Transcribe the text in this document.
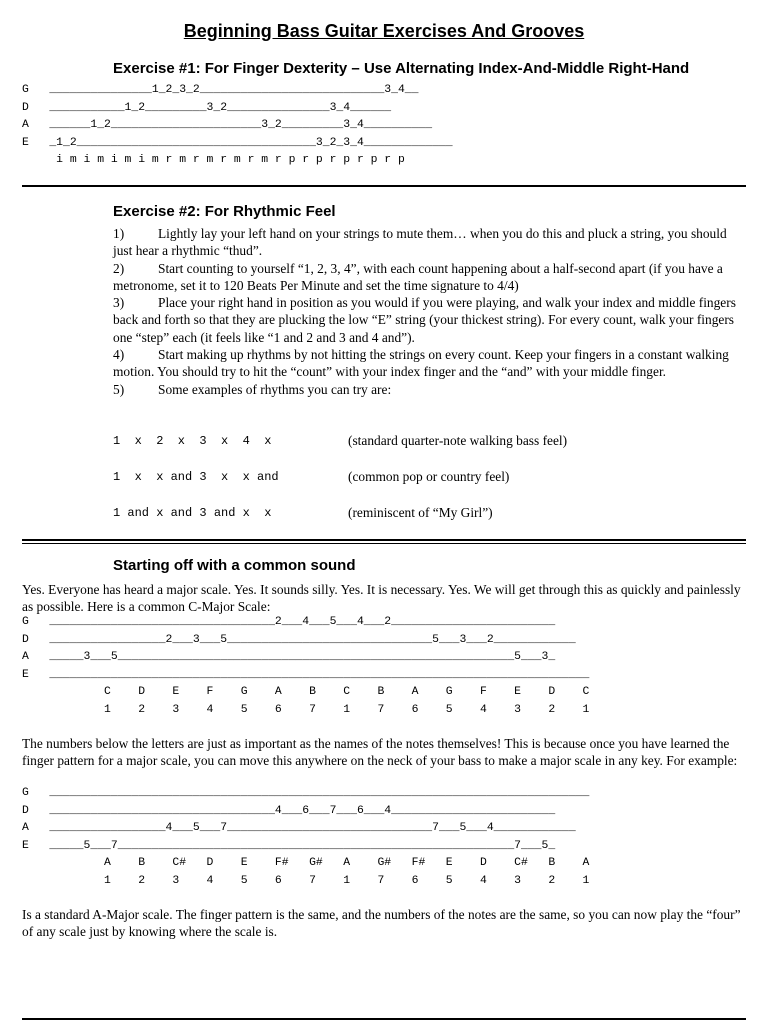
Beginning Bass Guitar Exercises And Grooves
Exercise #1: For Finger Dexterity – Use Alternating Index-And-Middle Right-Hand
G   _______________1_2_3_2___________________________3_4__
D   ___________1_2_________3_2_______________3_4______
A   ______1_2______________________3_2_________3_4__________
E   _1_2___________________________________3_2_3_4_____________
i m i m i m i m r m r m r m r m r p r p r p r p r p
Exercise #2: For Rhythmic Feel
1)	Lightly lay your left hand on your strings to mute them… when you do this and pluck a string, you should just hear a rhythmic “thud”.
2)	Start counting to yourself “1, 2, 3, 4”, with each count happening about a half-second apart (if you have a metronome, set it to 120 Beats Per Minute and set the time signature to 4/4)
3)	Place your right hand in position as you would if you were playing, and walk your index and middle fingers back and forth so that they are plucking the low “E” string (your thickest string). For every count, walk your fingers one “step” each (it feels like “1 and 2 and 3 and 4 and”).
4)	Start making up rhythms by not hitting the strings on every count. Keep your fingers in a constant walking motion. You should try to hit the “count” with your index finger and the “and” with your middle finger.
5)	Some examples of rhythms you can try are:
1  x  2  x  3  x  4  x	(standard quarter-note walking bass feel)
1  x  x and 3  x  x and	(common pop or country feel)
1 and x and 3 and x  x	(reminiscent of “My Girl”)
Starting off with a common sound
Yes. Everyone has heard a major scale. Yes. It sounds silly. Yes. It is necessary. Yes. We will get through this as quickly and painlessly as possible. Here is a common C-Major Scale:
G   _________________________________2___4___5___4___2________________________
D   _________________2___3___5______________________________5___3___2____________
A   _____3___5__________________________________________________________5___3_
E   _______________________________________________________________________________
C    D    E    F    G    A    B    C    B    A    G    F    E    D    C
1    2    3    4    5    6    7    1    7    6    5    4    3    2    1
The numbers below the letters are just as important as the names of the notes themselves! This is because once you have learned the finger pattern for a major scale, you can move this anywhere on the neck of your bass to make a major scale in any key. For example:
G   _______________________________________________________________________________
D   _________________________________4___6___7___6___4________________________
A   _________________4___5___7______________________________7___5___4____________
E   _____5___7__________________________________________________________7___5_
A    B    C#   D    E    F#   G#   A    G#   F#   E    D    C#   B    A
1    2    3    4    5    6    7    1    7    6    5    4    3    2    1
Is a standard A-Major scale. The finger pattern is the same, and the numbers of the notes are the same, so you can now play the “four” of any scale just by knowing where the scale is.
